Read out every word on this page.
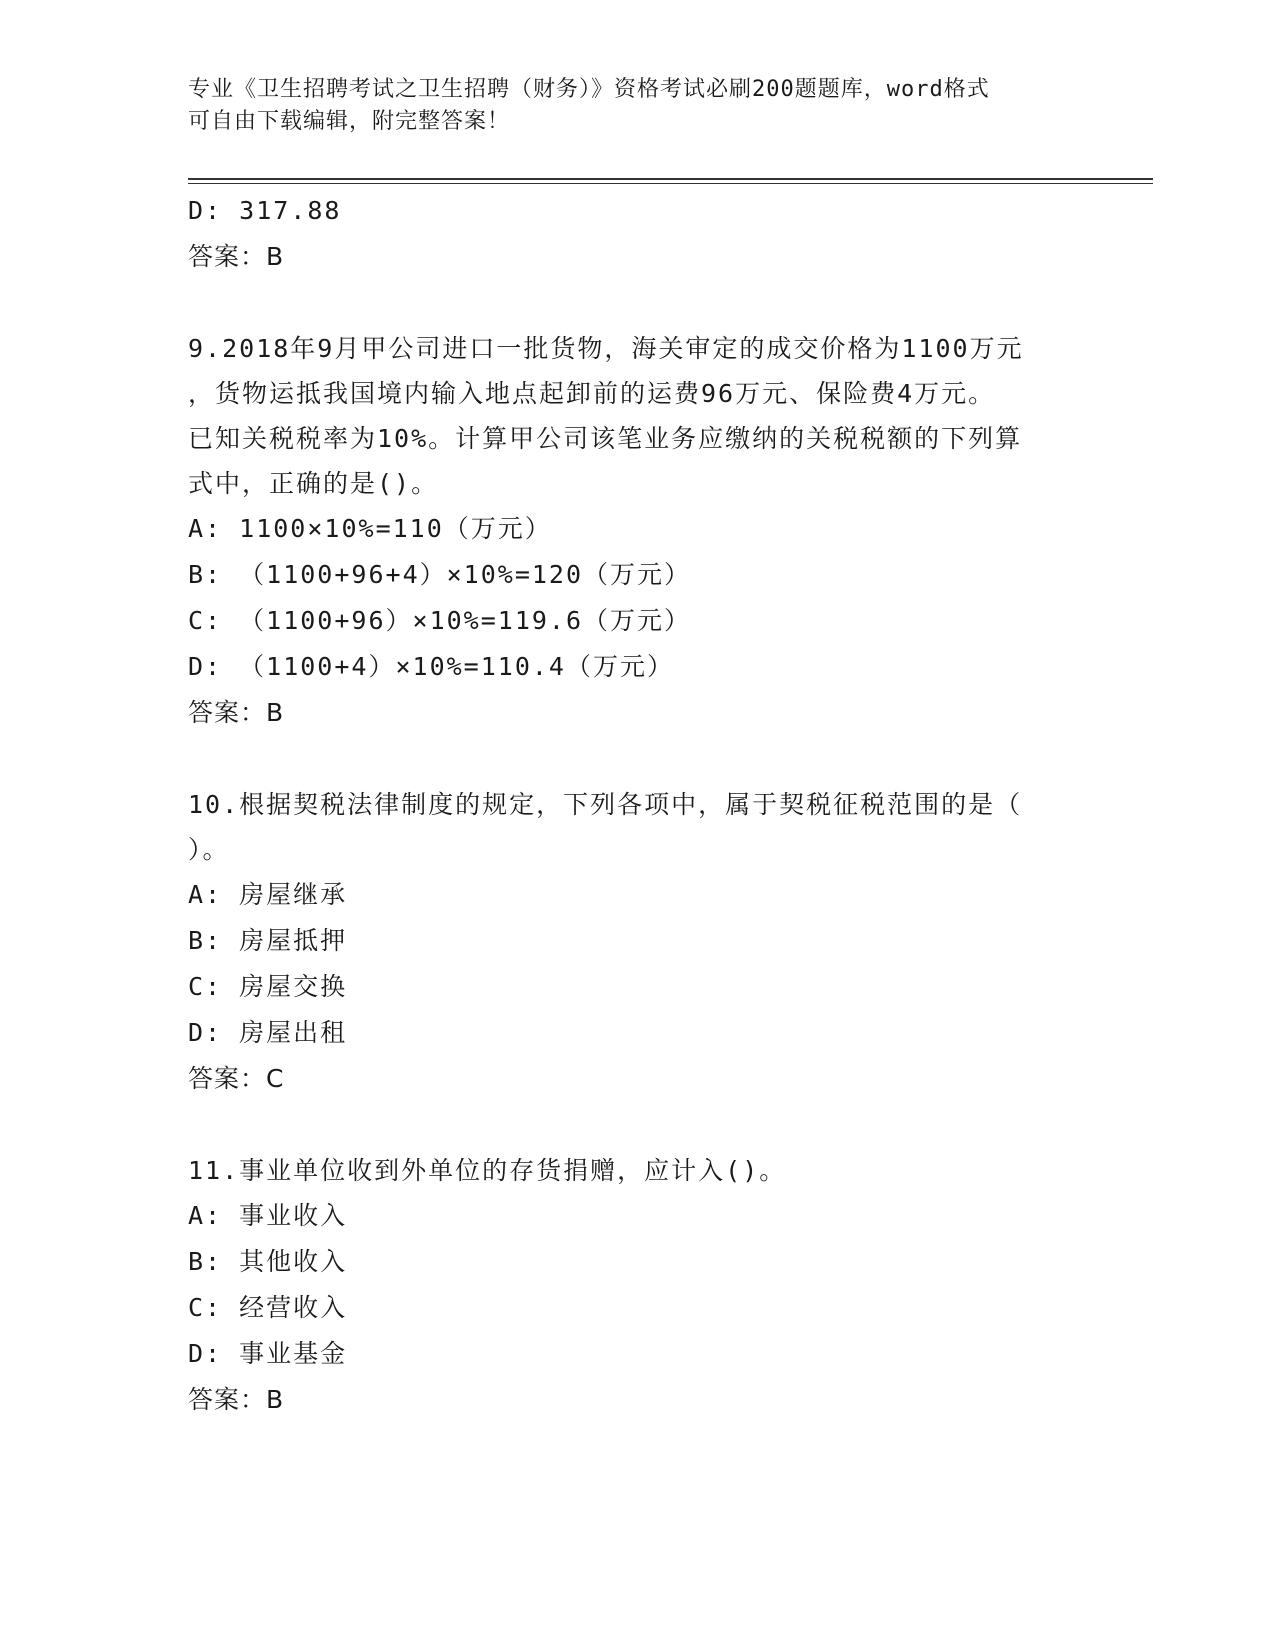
专业《卫生招聘考试之卫生招聘（财务）》资格考试必刷200题题库，word格式
可自由下载编辑，附完整答案！
D: 317.88
答案：B
9.2018年9月甲公司进口一批货物，海关审定的成交价格为1100万元
，货物运抵我国境内输入地点起卸前的运费96万元、保险费4万元。
已知关税税率为10%。计算甲公司该笔业务应缴纳的关税税额的下列算
式中，正确的是()。
A: 1100×10%=110（万元）
B: （1100+96+4）×10%=120（万元）
C: （1100+96）×10%=119.6（万元）
D: （1100+4）×10%=110.4（万元）
答案：B
10.根据契税法律制度的规定，下列各项中，属于契税征税范围的是（
）。
A: 房屋继承
B: 房屋抵押
C: 房屋交换
D: 房屋出租
答案：C
11.事业单位收到外单位的存货捐赠，应计入()。
A: 事业收入
B: 其他收入
C: 经营收入
D: 事业基金
答案：B
